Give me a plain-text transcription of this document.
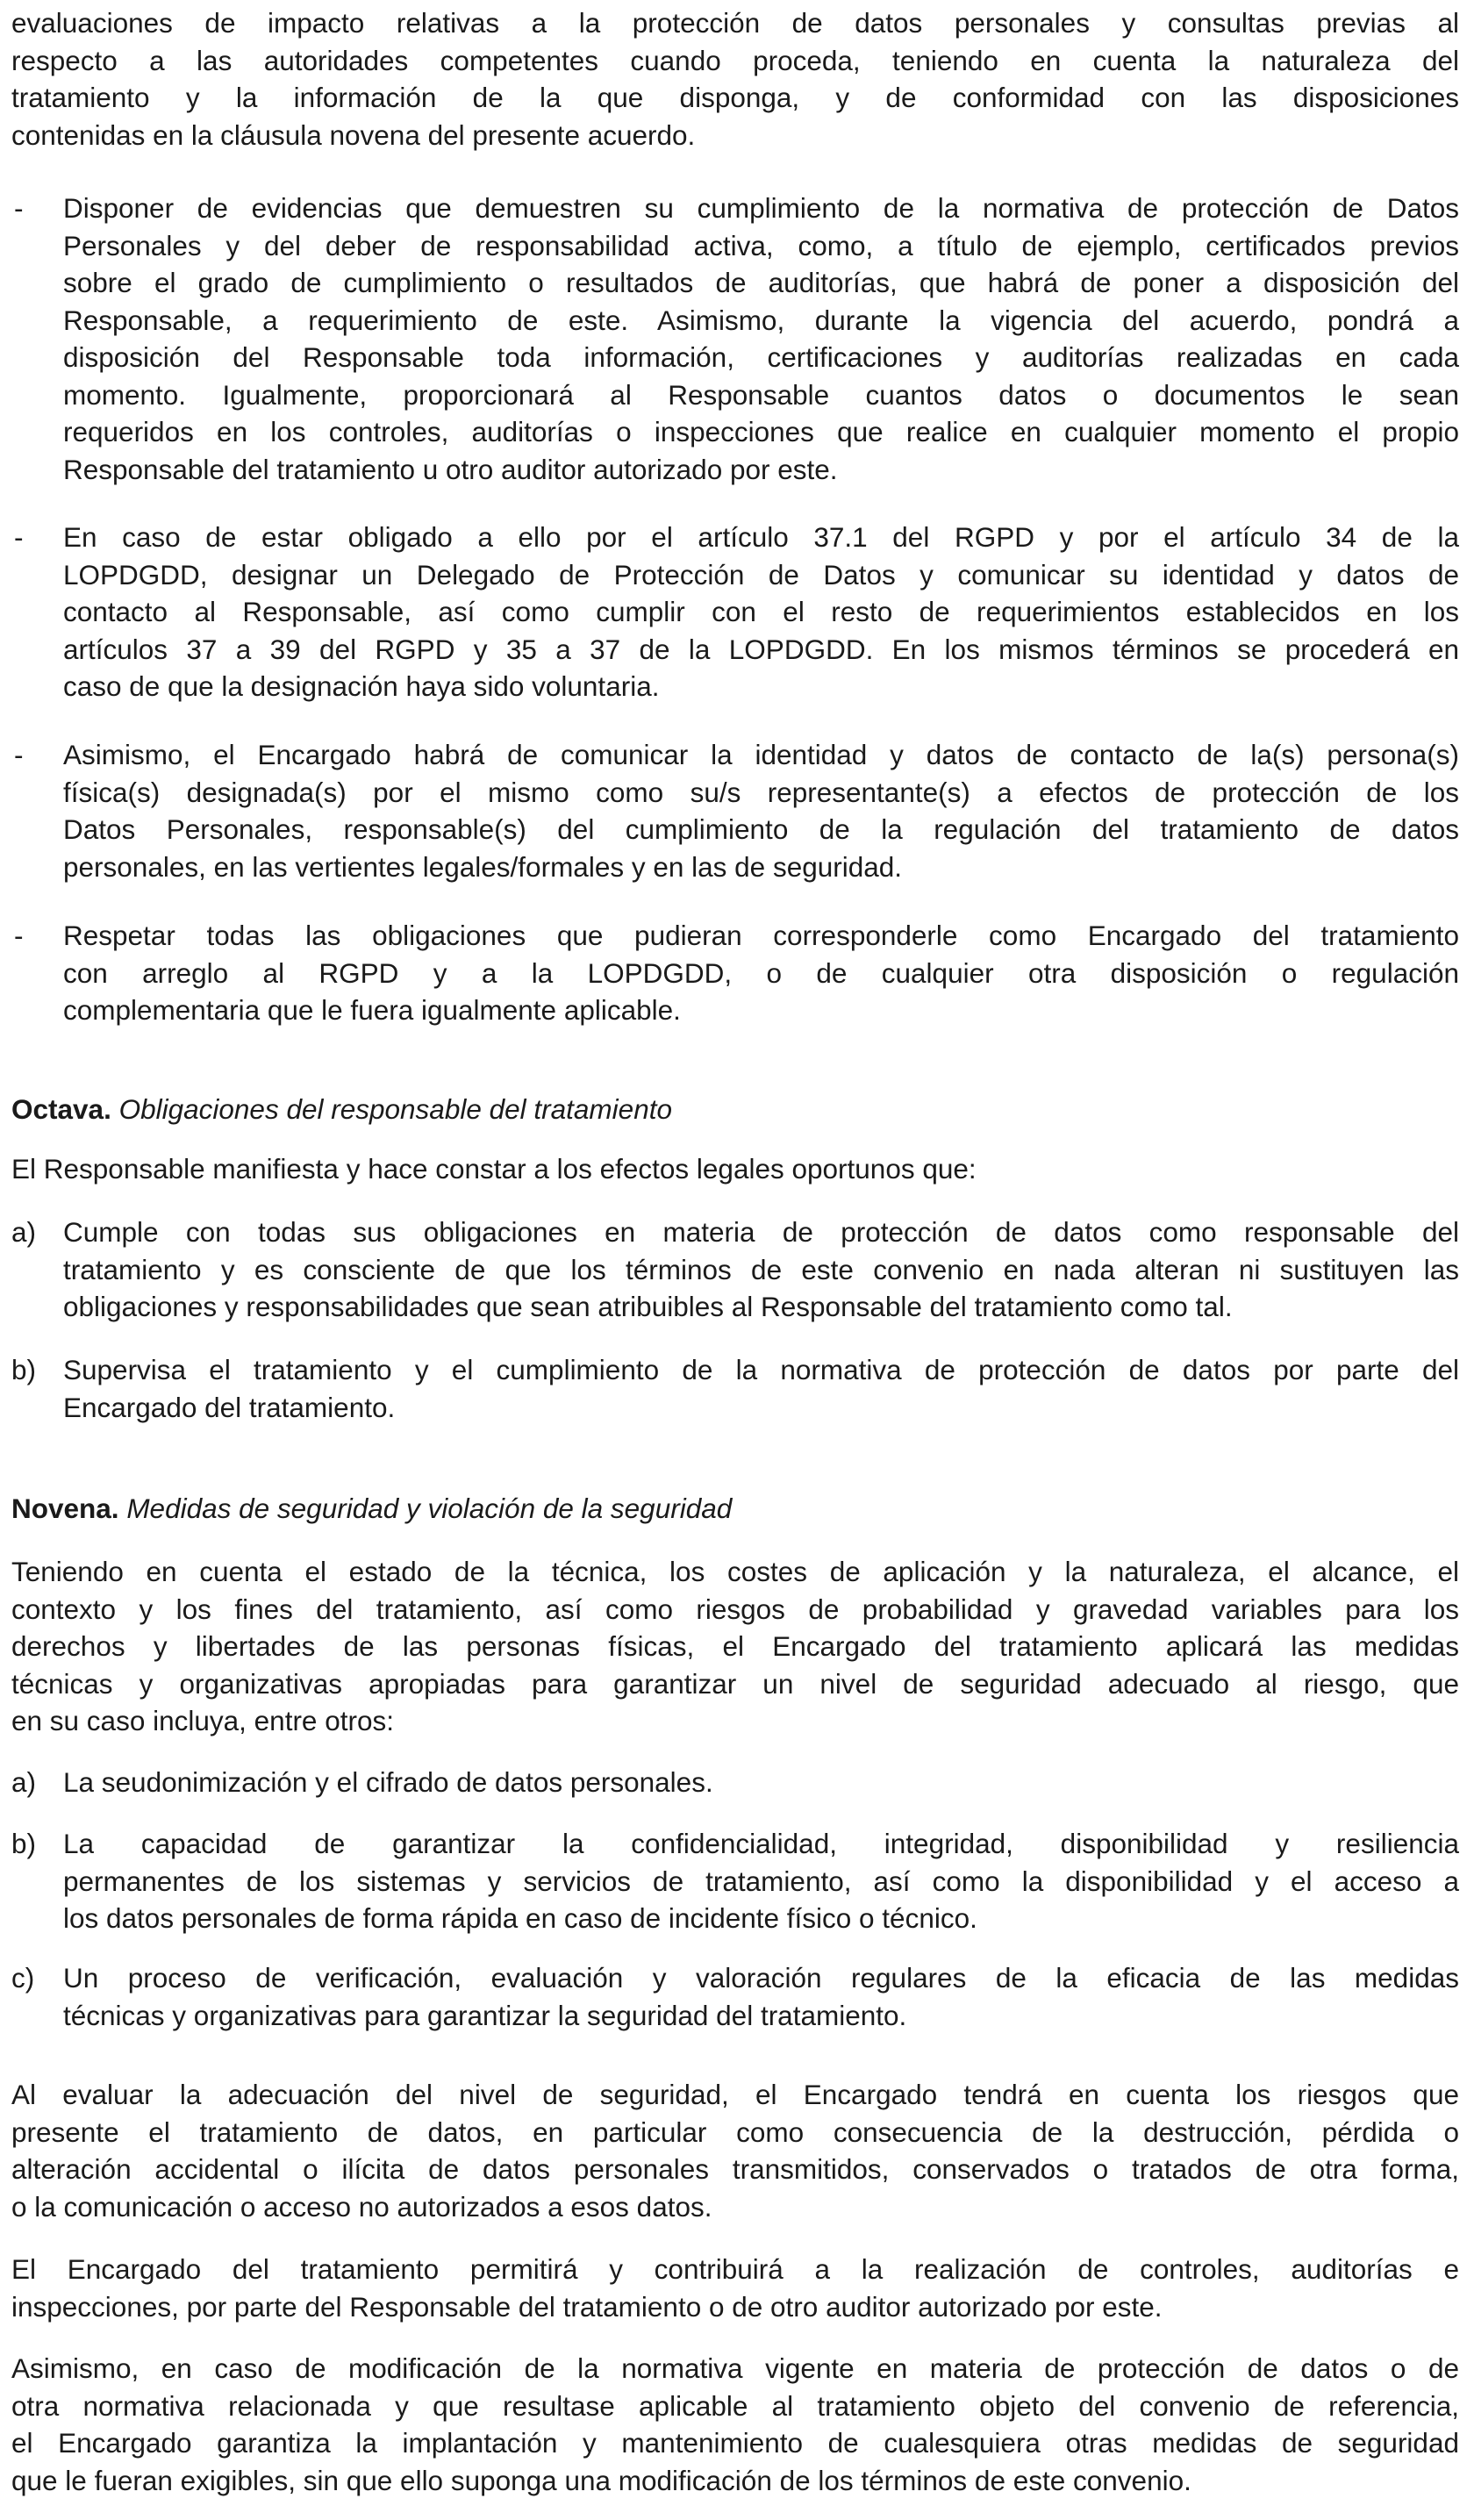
evaluaciones de impacto relativas a la protección de datos personales y consultas previas al
respecto a las autoridades competentes cuando proceda, teniendo en cuenta la naturaleza del
tratamiento y la información de la que disponga, y de conformidad con las disposiciones
contenidas en la cláusula novena del presente acuerdo.
- Disponer de evidencias que demuestren su cumplimiento de la normativa de protección de Datos
Personales y del deber de responsabilidad activa, como, a título de ejemplo, certificados previos
sobre el grado de cumplimiento o resultados de auditorías, que habrá de poner a disposición del
Responsable, a requerimiento de este. Asimismo, durante la vigencia del acuerdo, pondrá a
disposición del Responsable toda información, certificaciones y auditorías realizadas en cada
momento. Igualmente, proporcionará al Responsable cuantos datos o documentos le sean
requeridos en los controles, auditorías o inspecciones que realice en cualquier momento el propio
Responsable del tratamiento u otro auditor autorizado por este.
- En caso de estar obligado a ello por el artículo 37.1 del RGPD y por el artículo 34 de la
LOPDGDD, designar un Delegado de Protección de Datos y comunicar su identidad y datos de
contacto al Responsable, así como cumplir con el resto de requerimientos establecidos en los
artículos 37 a 39 del RGPD y 35 a 37 de la LOPDGDD. En los mismos términos se procederá en
caso de que la designación haya sido voluntaria.
- Asimismo, el Encargado habrá de comunicar la identidad y datos de contacto de la(s) persona(s)
física(s) designada(s) por el mismo como su/s representante(s) a efectos de protección de los
Datos Personales, responsable(s) del cumplimiento de la regulación del tratamiento de datos
personales, en las vertientes legales/formales y en las de seguridad.
- Respetar todas las obligaciones que pudieran corresponderle como Encargado del tratamiento
con arreglo al RGPD y a la LOPDGDD, o de cualquier otra disposición o regulación
complementaria que le fuera igualmente aplicable.
Octava. Obligaciones del responsable del tratamiento
El Responsable manifiesta y hace constar a los efectos legales oportunos que:
a) Cumple con todas sus obligaciones en materia de protección de datos como responsable del
tratamiento y es consciente de que los términos de este convenio en nada alteran ni sustituyen las
obligaciones y responsabilidades que sean atribuibles al Responsable del tratamiento como tal.
b) Supervisa el tratamiento y el cumplimiento de la normativa de protección de datos por parte del
Encargado del tratamiento.
Novena. Medidas de seguridad y violación de la seguridad
Teniendo en cuenta el estado de la técnica, los costes de aplicación y la naturaleza, el alcance, el
contexto y los fines del tratamiento, así como riesgos de probabilidad y gravedad variables para los
derechos y libertades de las personas físicas, el Encargado del tratamiento aplicará las medidas
técnicas y organizativas apropiadas para garantizar un nivel de seguridad adecuado al riesgo, que
en su caso incluya, entre otros:
a) La seudonimización y el cifrado de datos personales.
b) La capacidad de garantizar la confidencialidad, integridad, disponibilidad y resiliencia
permanentes de los sistemas y servicios de tratamiento, así como la disponibilidad y el acceso a
los datos personales de forma rápida en caso de incidente físico o técnico.
c) Un proceso de verificación, evaluación y valoración regulares de la eficacia de las medidas
técnicas y organizativas para garantizar la seguridad del tratamiento.
Al evaluar la adecuación del nivel de seguridad, el Encargado tendrá en cuenta los riesgos que
presente el tratamiento de datos, en particular como consecuencia de la destrucción, pérdida o
alteración accidental o ilícita de datos personales transmitidos, conservados o tratados de otra forma,
o la comunicación o acceso no autorizados a esos datos.
El Encargado del tratamiento permitirá y contribuirá a la realización de controles, auditorías e
inspecciones, por parte del Responsable del tratamiento o de otro auditor autorizado por este.
Asimismo, en caso de modificación de la normativa vigente en materia de protección de datos o de
otra normativa relacionada y que resultase aplicable al tratamiento objeto del convenio de referencia,
el Encargado garantiza la implantación y mantenimiento de cualesquiera otras medidas de seguridad
que le fueran exigibles, sin que ello suponga una modificación de los términos de este convenio.
